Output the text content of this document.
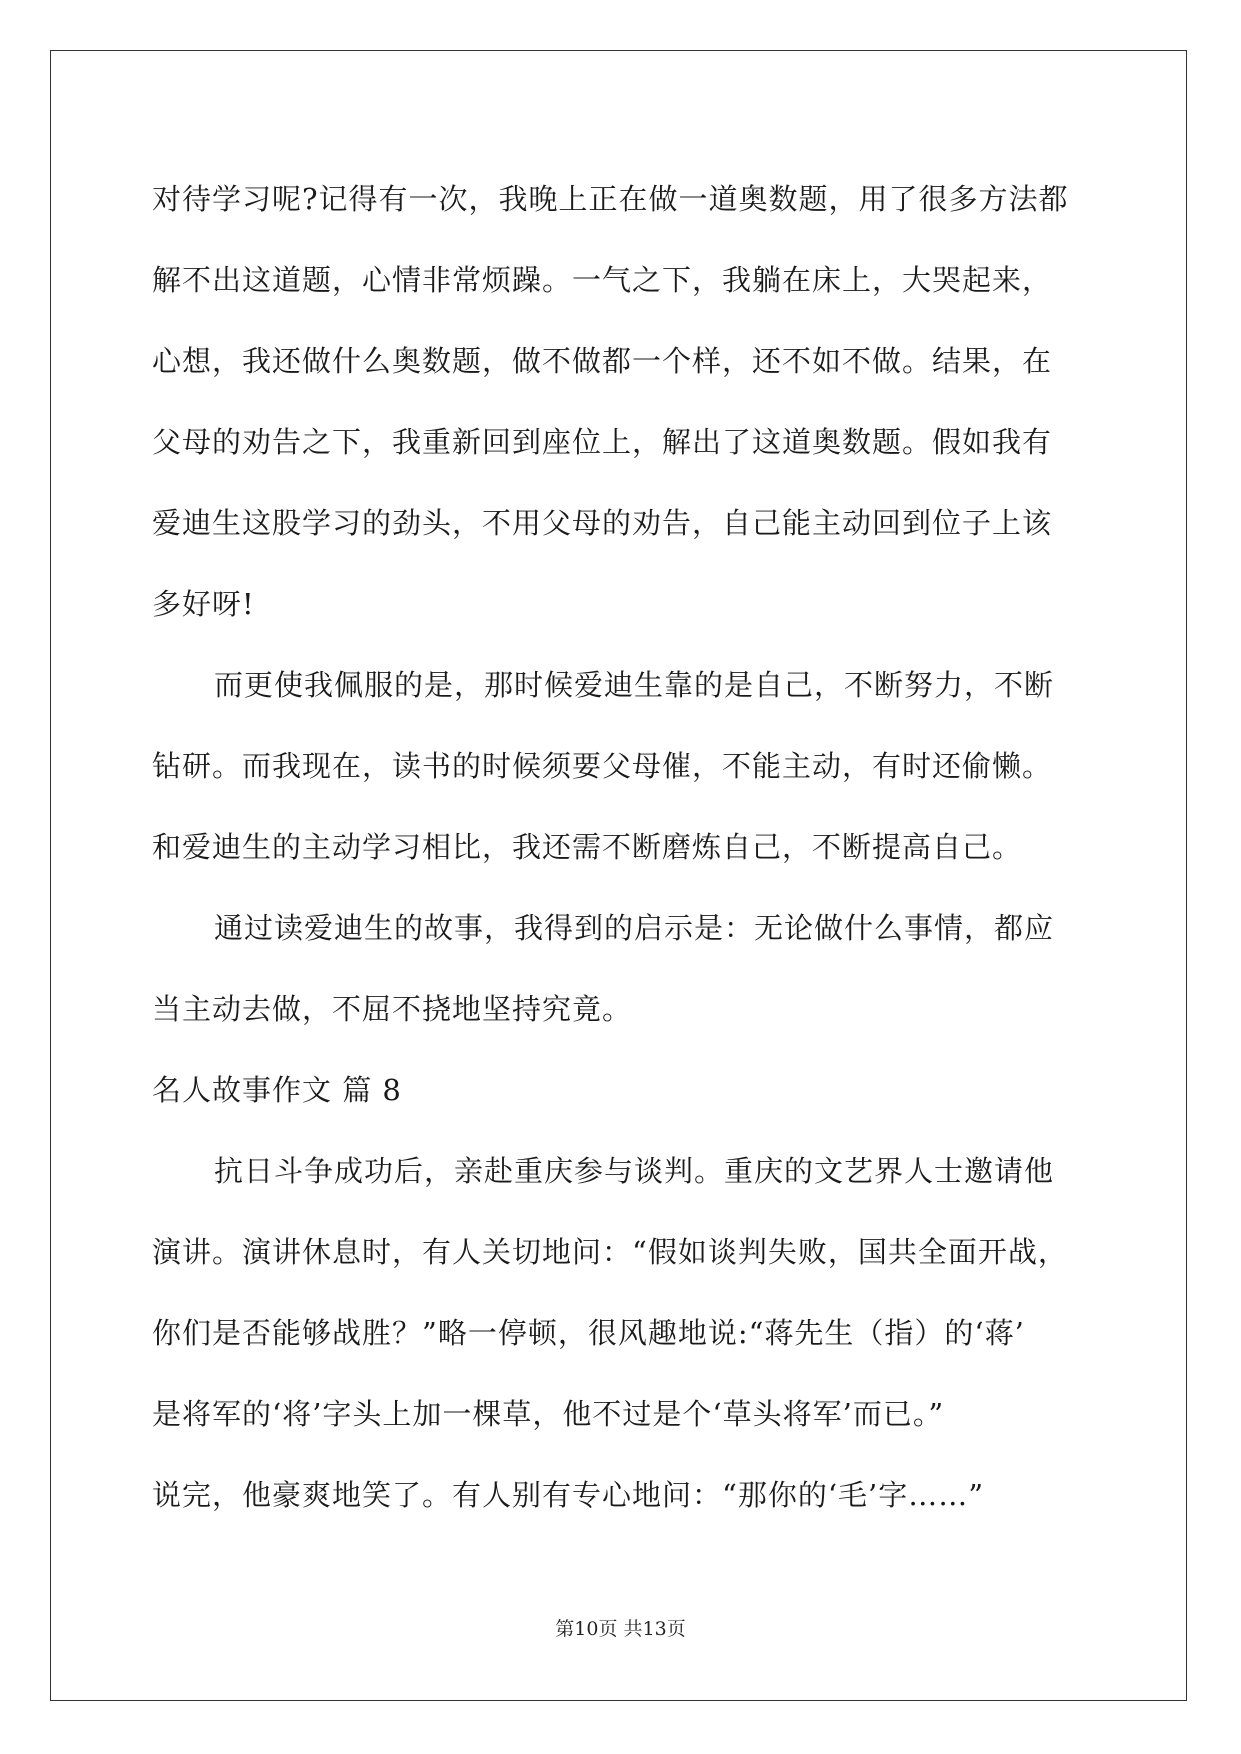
对待学习呢?记得有一次，我晚上正在做一道奥数题，用了很多方法都
解不出这道题，心情非常烦躁。一气之下，我躺在床上，大哭起来，
心想，我还做什么奥数题，做不做都一个样，还不如不做。结果，在
父母的劝告之下，我重新回到座位上，解出了这道奥数题。假如我有
爱迪生这股学习的劲头，不用父母的劝告，自己能主动回到位子上该
多好呀!
而更使我佩服的是，那时候爱迪生靠的是自己，不断努力，不断
钻研。而我现在，读书的时候须要父母催，不能主动，有时还偷懒。
和爱迪生的主动学习相比，我还需不断磨炼自己，不断提高自己。
通过读爱迪生的故事，我得到的启示是：无论做什么事情，都应
当主动去做，不屈不挠地坚持究竟。
名人故事作文 篇 8
抗日斗争成功后，亲赴重庆参与谈判。重庆的文艺界人士邀请他
演讲。演讲休息时，有人关切地问：“假如谈判失败，国共全面开战，
你们是否能够战胜？”略一停顿，很风趣地说:“蒋先生（指）的‘蒋’
是将军的‘将’字头上加一棵草，他不过是个‘草头将军’而已。”
说完，他豪爽地笑了。有人别有专心地问：“那你的‘毛’字……”
第10页 共13页
